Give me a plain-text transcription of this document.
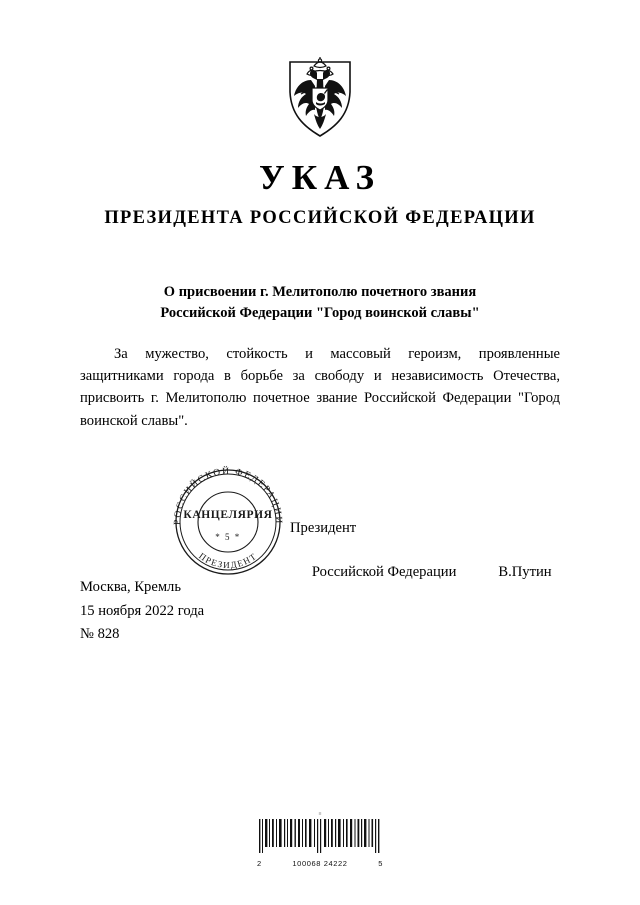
УКАЗ
ПРЕЗИДЕНТА РОССИЙСКОЙ ФЕДЕРАЦИИ
О присвоении г. Мелитополю почетного звания
Российской Федерации "Город воинской славы"
За мужество, стойкость и массовый героизм, проявленные защитниками города в борьбе за свободу и независимость Отечества, присвоить г. Мелитополю почетное звание Российской Федерации "Город воинской славы".
РОССИЙСКОЙ ФЕДЕРАЦИИ
ПРЕЗИДЕНТ
КАНЦЕЛЯРИЯ
* 5 *
Президент

Российской Федерации	В.Путин

Москва, Кремль
15 ноября 2022 года
№ 828
≡
2	100068 24222	5
